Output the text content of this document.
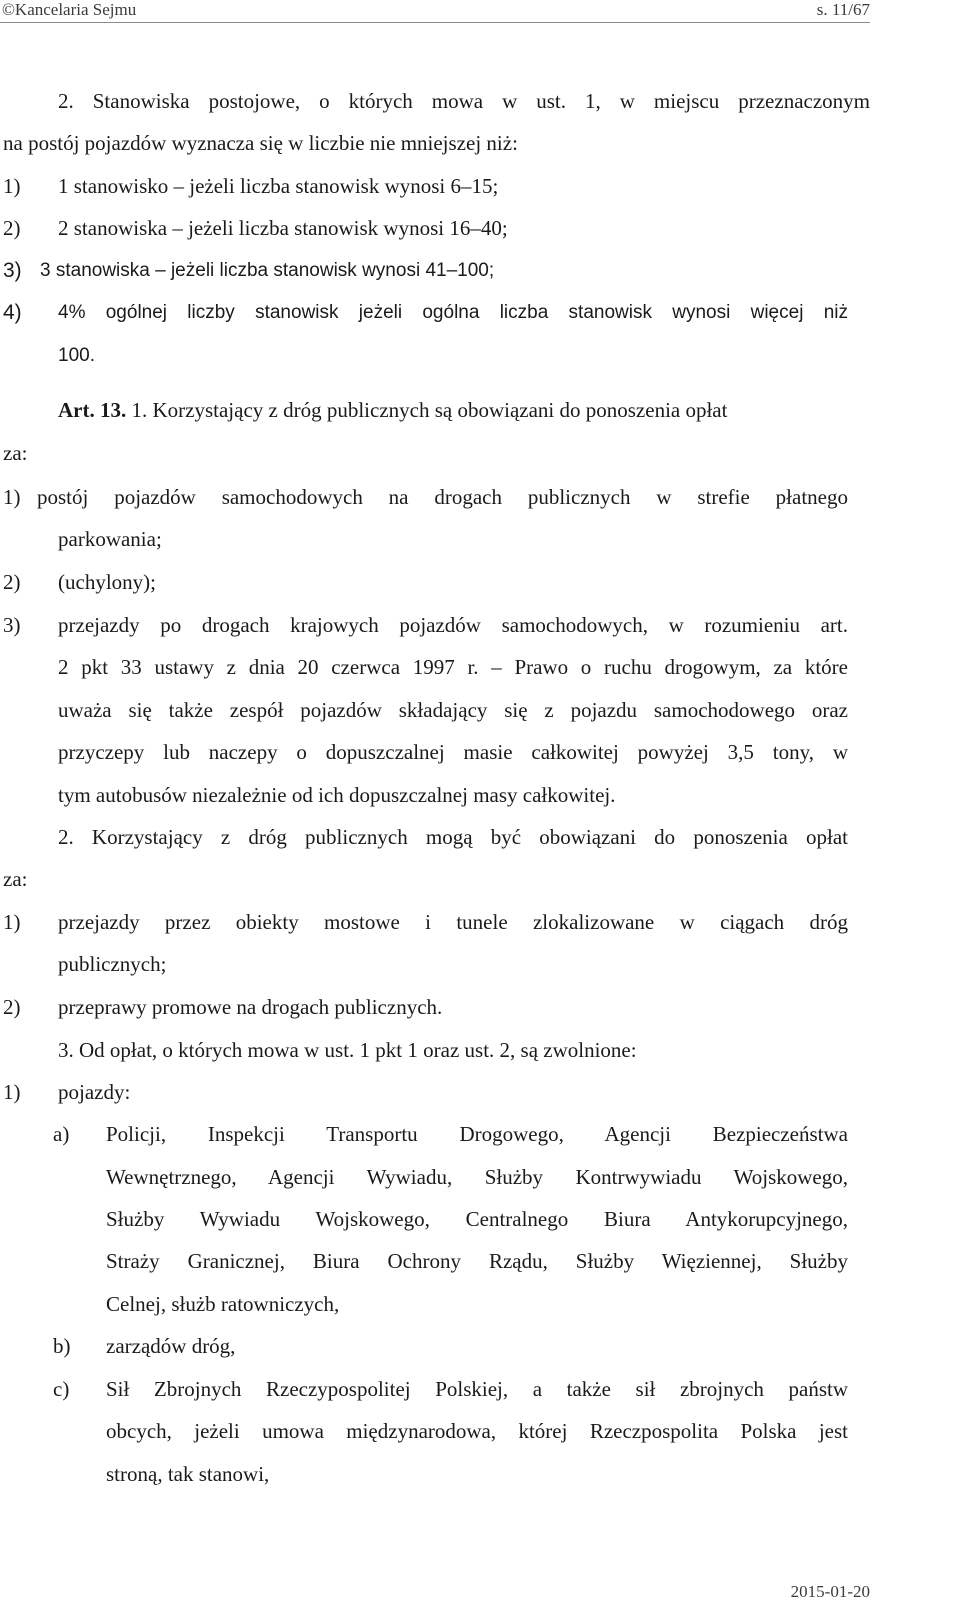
©Kancelaria Sejmu	s. 11/67
2. Stanowiska postojowe, o których mowa w ust. 1, w miejscu przeznaczonym
na postój pojazdów wyznacza się w liczbie nie mniejszej niż:
1) 1 stanowisko – jeżeli liczba stanowisk wynosi 6–15;
2) 2 stanowiska – jeżeli liczba stanowisk wynosi 16–40;
3) 3 stanowiska – jeżeli liczba stanowisk wynosi 41–100;
4) 4% ogólnej liczby stanowisk jeżeli ogólna liczba stanowisk wynosi więcej niż
100.
Art. 13. 1. Korzystający z dróg publicznych są obowiązani do ponoszenia opłat
za:
1) postój pojazdów samochodowych na drogach publicznych w strefie płatnego
parkowania;
2) (uchylony);
3) przejazdy po drogach krajowych pojazdów samochodowych, w rozumieniu art.
2 pkt 33 ustawy z dnia 20 czerwca 1997 r. – Prawo o ruchu drogowym, za które
uważa się także zespół pojazdów składający się z pojazdu samochodowego oraz
przyczepy lub naczepy o dopuszczalnej masie całkowitej powyżej 3,5 tony, w
tym autobusów niezależnie od ich dopuszczalnej masy całkowitej.
2. Korzystający z dróg publicznych mogą być obowiązani do ponoszenia opłat
za:
1) przejazdy przez obiekty mostowe i tunele zlokalizowane w ciągach dróg
publicznych;
2) przeprawy promowe na drogach publicznych.
3. Od opłat, o których mowa w ust. 1 pkt 1 oraz ust. 2, są zwolnione:
1) pojazdy:
a) Policji, Inspekcji Transportu Drogowego, Agencji Bezpieczeństwa
Wewnętrznego, Agencji Wywiadu, Służby Kontrwywiadu Wojskowego,
Służby Wywiadu Wojskowego, Centralnego Biura Antykorupcyjnego,
Straży Granicznej, Biura Ochrony Rządu, Służby Więziennej, Służby
Celnej, służb ratowniczych,
b) zarządów dróg,
c) Sił Zbrojnych Rzeczypospolitej Polskiej, a także sił zbrojnych państw
obcych, jeżeli umowa międzynarodowa, której Rzeczpospolita Polska jest
stroną, tak stanowi,
2015-01-20
